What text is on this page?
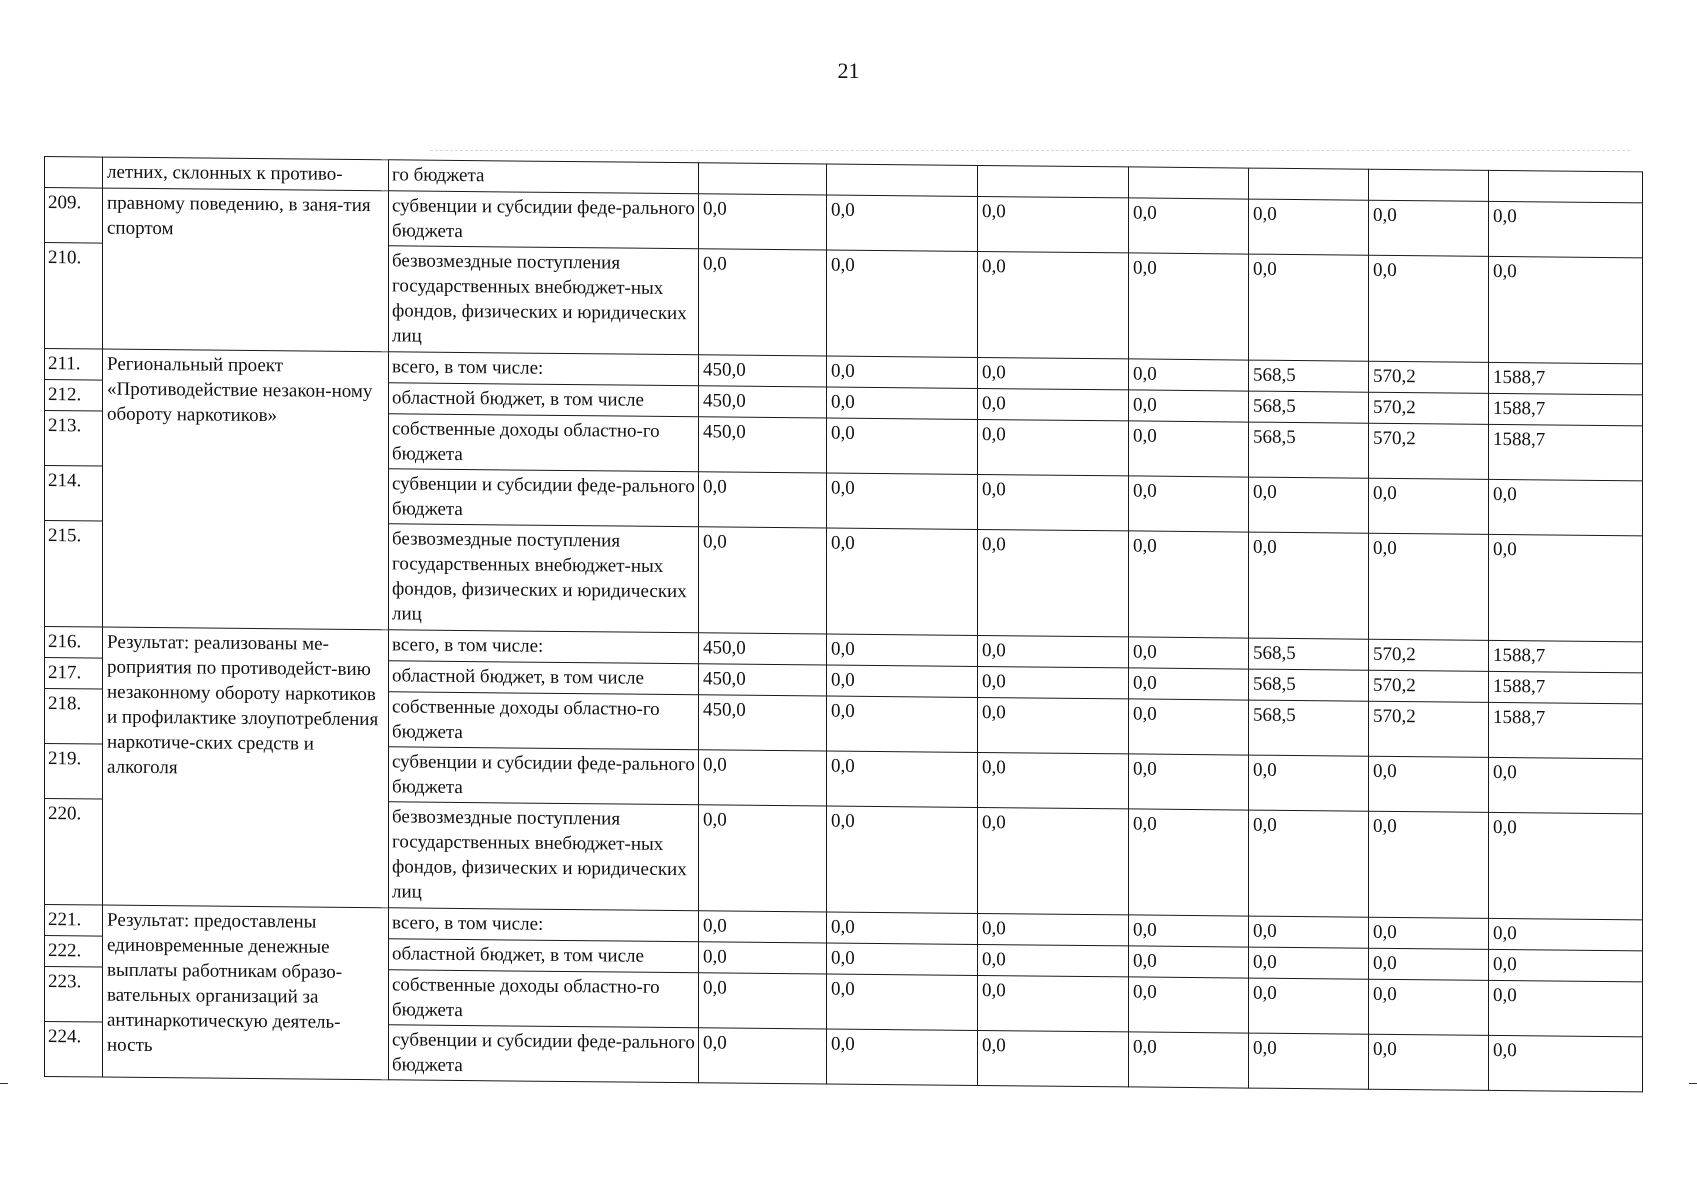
21
	летних, склонных к противо-	го бюджета							
209.	правному поведению, в заня-тия спортом	субвенции и субсидии феде-рального бюджета	0,0	0,0	0,0	0,0	0,0	0,0	0,0
210.		безвозмездные поступления государственных внебюджет-ных фондов, физических и юридических лиц	0,0	0,0	0,0	0,0	0,0	0,0	0,0
211.	Региональный проект «Противодействие незакон-ному обороту наркотиков»	всего, в том числе:	450,0	0,0	0,0	0,0	568,5	570,2	1588,7
212.		областной бюджет, в том числе	450,0	0,0	0,0	0,0	568,5	570,2	1588,7
213.		собственные доходы областно-го бюджета	450,0	0,0	0,0	0,0	568,5	570,2	1588,7
214.		субвенции и субсидии феде-рального бюджета	0,0	0,0	0,0	0,0	0,0	0,0	0,0
215.		безвозмездные поступления государственных внебюджет-ных фондов, физических и юридических лиц	0,0	0,0	0,0	0,0	0,0	0,0	0,0
216.	Результат: реализованы ме-роприятия по противодейст-вию незаконному обороту наркотиков и профилактике злоупотребления наркотиче-ских средств и алкоголя	всего, в том числе:	450,0	0,0	0,0	0,0	568,5	570,2	1588,7
217.		областной бюджет, в том числе	450,0	0,0	0,0	0,0	568,5	570,2	1588,7
218.		собственные доходы областно-го бюджета	450,0	0,0	0,0	0,0	568,5	570,2	1588,7
219.		субвенции и субсидии феде-рального бюджета	0,0	0,0	0,0	0,0	0,0	0,0	0,0
220.		безвозмездные поступления государственных внебюджет-ных фондов, физических и юридических лиц	0,0	0,0	0,0	0,0	0,0	0,0	0,0
221.	Результат: предоставлены единовременные денежные выплаты работникам образо-вательных организаций за антинаркотическую деятель-ность	всего, в том числе:	0,0	0,0	0,0	0,0	0,0	0,0	0,0
222.		областной бюджет, в том числе	0,0	0,0	0,0	0,0	0,0	0,0	0,0
223.		собственные доходы областно-го бюджета	0,0	0,0	0,0	0,0	0,0	0,0	0,0
224.		субвенции и субсидии феде-рального бюджета	0,0	0,0	0,0	0,0	0,0	0,0	0,0
